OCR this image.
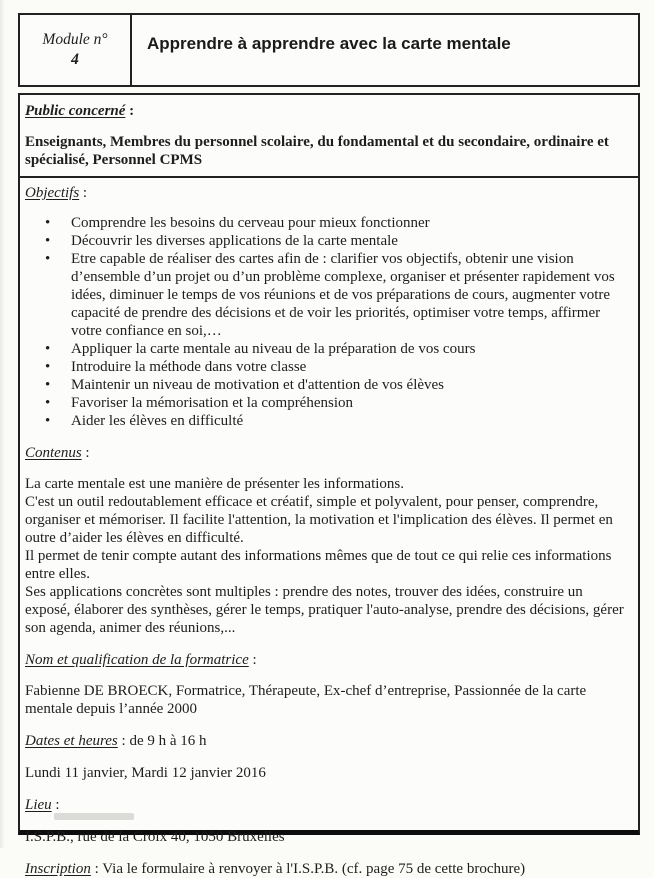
Module n°
4
Apprendre à apprendre avec la carte mentale
Public concerné :
Enseignants, Membres du personnel scolaire, du fondamental et du secondaire, ordinaire et spécialisé, Personnel CPMS
Objectifs :
• Comprendre les besoins du cerveau pour mieux fonctionner
• Découvrir les diverses applications de la carte mentale
• Etre capable de réaliser des cartes afin de : clarifier vos objectifs, obtenir une vision d’ensemble d’un projet ou d’un problème complexe, organiser et présenter rapidement vos idées, diminuer le temps de vos réunions et de vos préparations de cours, augmenter votre capacité de prendre des décisions et de voir les priorités, optimiser votre temps, affirmer votre confiance en soi,…
• Appliquer la carte mentale au niveau de la préparation de vos cours
• Introduire la méthode dans votre classe
• Maintenir un niveau de motivation et d'attention de vos élèves
• Favoriser la mémorisation et la compréhension
• Aider les élèves en difficulté
Contenus :
La carte mentale est une manière de présenter les informations.
C'est un outil redoutablement efficace et créatif, simple et polyvalent, pour penser, comprendre, organiser et mémoriser. Il facilite l'attention, la motivation et l'implication des élèves. Il permet en outre d’aider les élèves en difficulté.
Il permet de tenir compte autant des informations mêmes que de tout ce qui relie ces informations entre elles.
Ses applications concrètes sont multiples : prendre des notes, trouver des idées, construire un exposé, élaborer des synthèses, gérer le temps, pratiquer l'auto-analyse, prendre des décisions, gérer son agenda, animer des réunions,...
Nom et qualification de la formatrice :
Fabienne DE BROECK, Formatrice, Thérapeute, Ex-chef d’entreprise, Passionnée de la carte mentale depuis l’année 2000
Dates et heures : de 9 h à 16 h
Lundi 11 janvier, Mardi 12 janvier 2016
Lieu :
I.S.P.B., rue de la Croix 40, 1050 Bruxelles
Inscription : Via le formulaire à renvoyer à l'I.S.P.B. (cf. page 75 de cette brochure)
